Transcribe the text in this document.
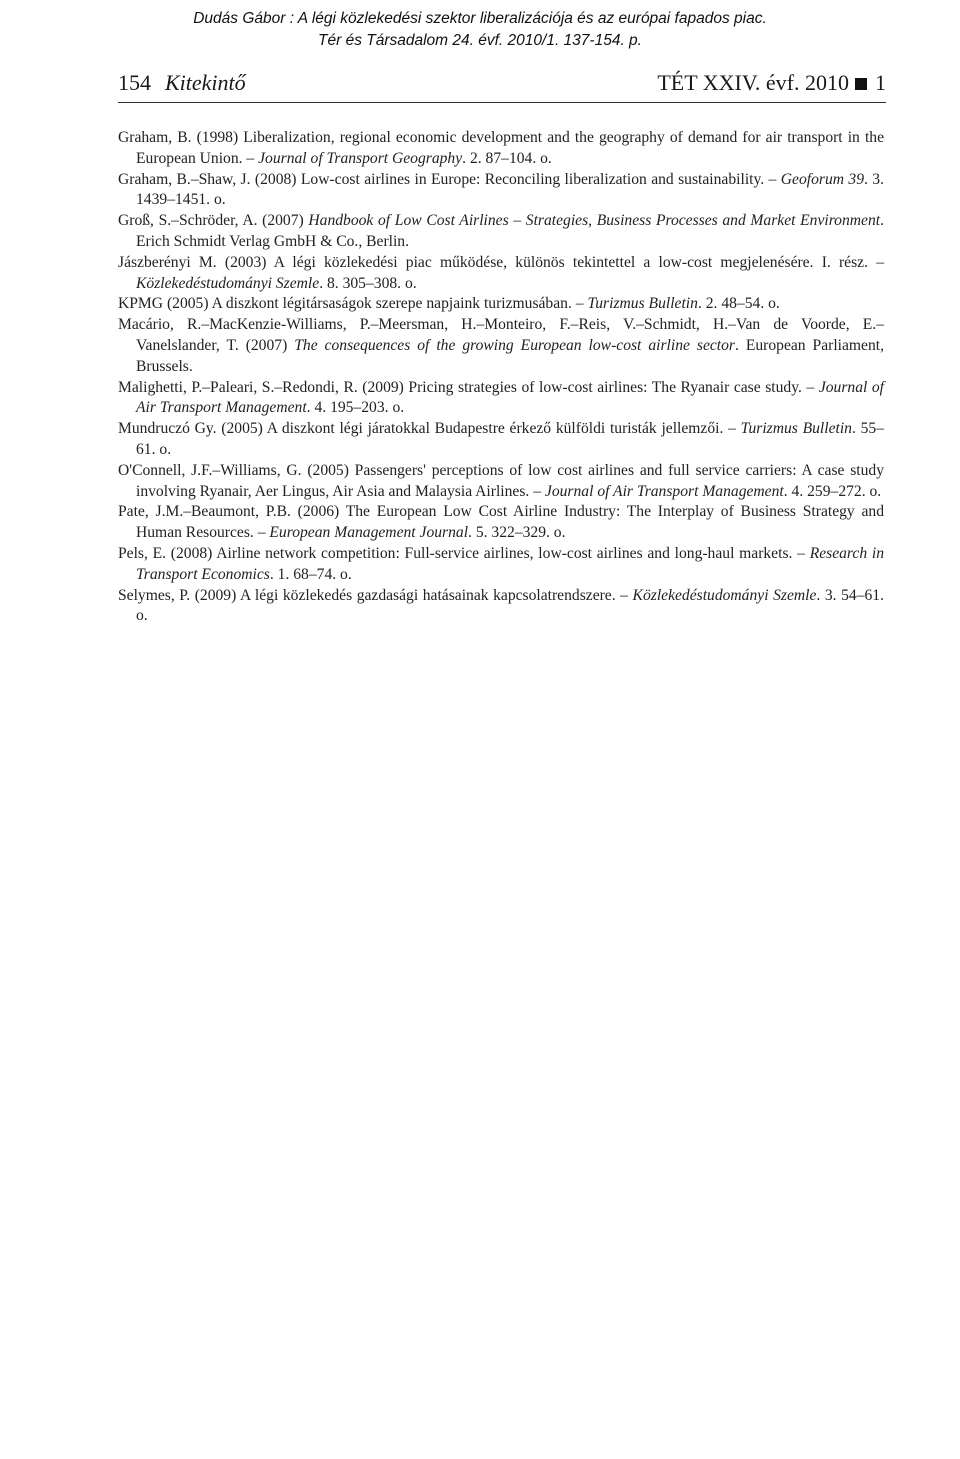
Dudás Gábor : A légi közlekedési szektor liberalizációja és az európai fapados piac.
Tér és Társadalom 24. évf. 2010/1. 137-154. p.
154 Kitekintő	TÉT XXIV. évf. 2010 1
Graham, B. (1998) Liberalization, regional economic development and the geography of demand for air transport in the European Union. – Journal of Transport Geography. 2. 87–104. o.
Graham, B.–Shaw, J. (2008) Low-cost airlines in Europe: Reconciling liberalization and sustainability. – Geoforum 39. 3. 1439–1451. o.
Groß, S.–Schröder, A. (2007) Handbook of Low Cost Airlines – Strategies, Business Processes and Market Environment. Erich Schmidt Verlag GmbH & Co., Berlin.
Jászberényi M. (2003) A légi közlekedési piac működése, különös tekintettel a low-cost megjelenésére. I. rész. – Közlekedéstudományi Szemle. 8. 305–308. o.
KPMG (2005) A diszkont légitársaságok szerepe napjaink turizmusában. – Turizmus Bulletin. 2. 48–54. o.
Macário, R.–MacKenzie-Williams, P.–Meersman, H.–Monteiro, F.–Reis, V.–Schmidt, H.–Van de Voorde, E.–Vanelslander, T. (2007) The consequences of the growing European low-cost airline sector. European Parliament, Brussels.
Malighetti, P.–Paleari, S.–Redondi, R. (2009) Pricing strategies of low-cost airlines: The Ryanair case study. – Journal of Air Transport Management. 4. 195–203. o.
Mundruczó Gy. (2005) A diszkont légi járatokkal Budapestre érkező külföldi turisták jellemzői. – Turizmus Bulletin. 55–61. o.
O'Connell, J.F.–Williams, G. (2005) Passengers' perceptions of low cost airlines and full service carriers: A case study involving Ryanair, Aer Lingus, Air Asia and Malaysia Airlines. – Journal of Air Transport Management. 4. 259–272. o.
Pate, J.M.–Beaumont, P.B. (2006) The European Low Cost Airline Industry: The Interplay of Business Strategy and Human Resources. – European Management Journal. 5. 322–329. o.
Pels, E. (2008) Airline network competition: Full-service airlines, low-cost airlines and long-haul markets. – Research in Transport Economics. 1. 68–74. o.
Selymes, P. (2009) A légi közlekedés gazdasági hatásainak kapcsolatrendszere. – Közlekedéstudományi Szemle. 3. 54–61. o.
